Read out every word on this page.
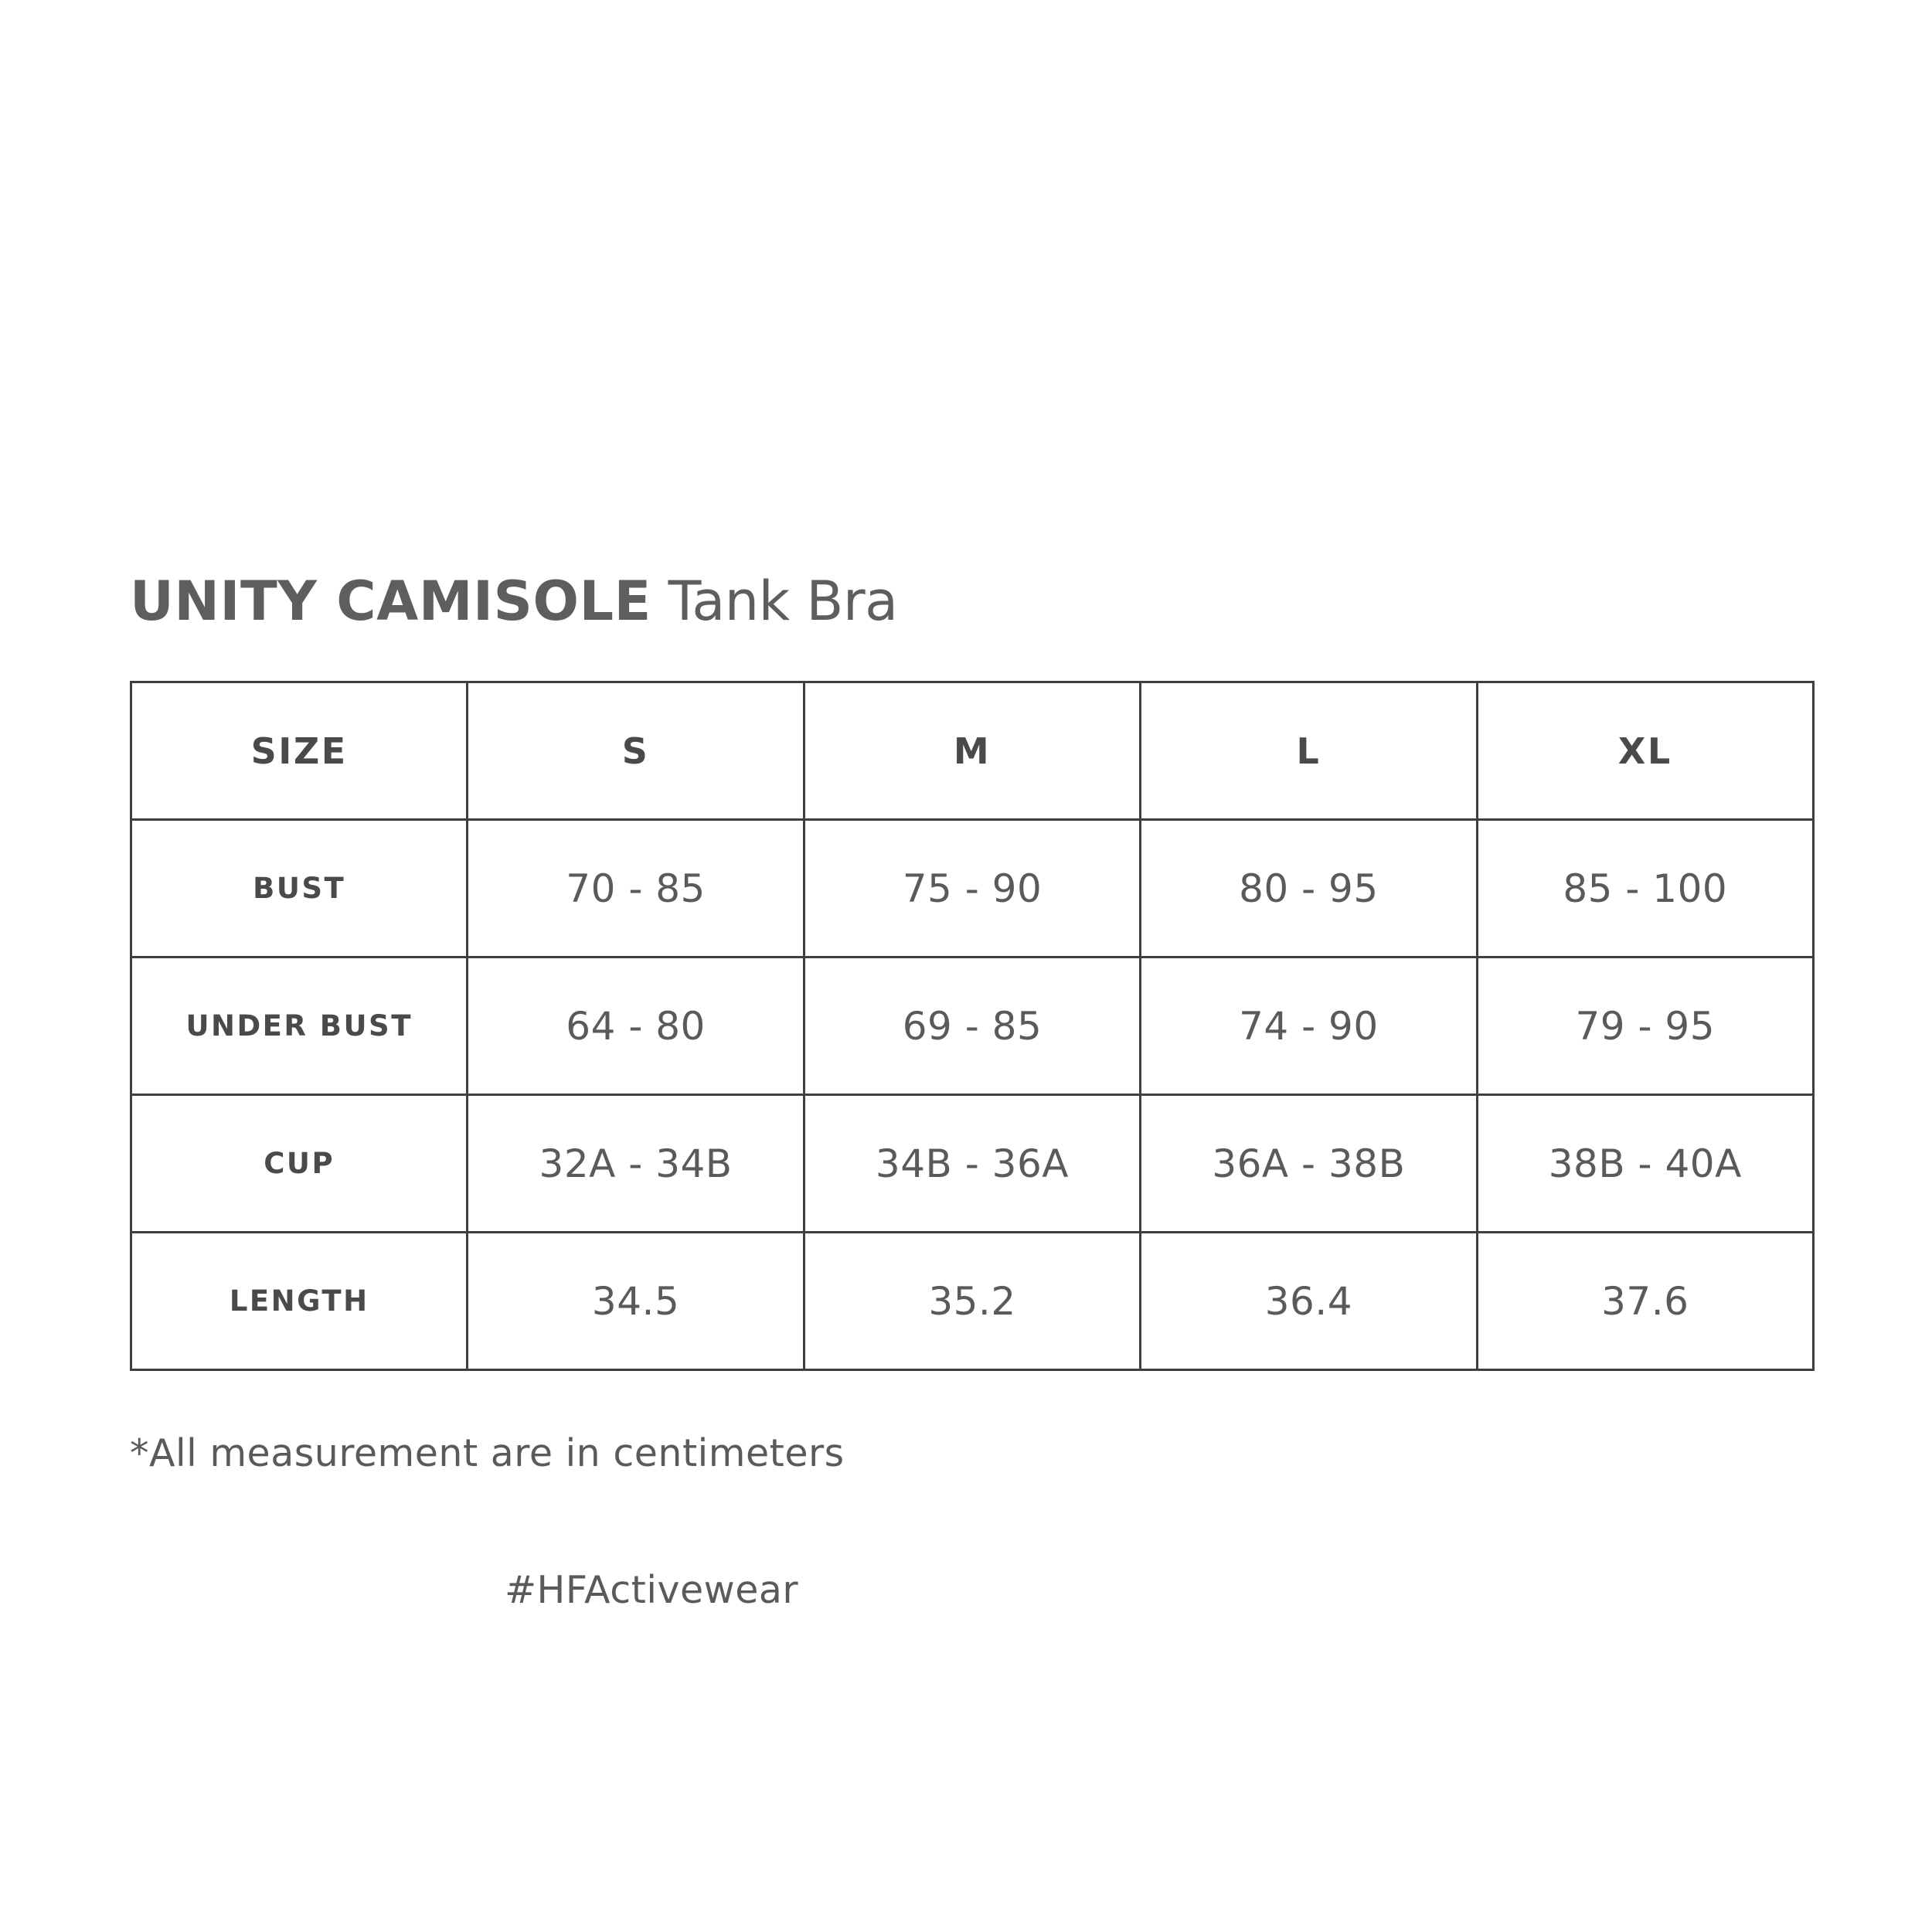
UNITY CAMISOLE Tank Bra
SIZE	S	M	L	XL
BUST	70 - 85	75 - 90	80 - 95	85 - 100
UNDER BUST	64 - 80	69 - 85	74 - 90	79 - 95
CUP	32A - 34B	34B - 36A	36A - 38B	38B - 40A
LENGTH	34.5	35.2	36.4	37.6
*All measurement are in centimeters
#HFActivewear
